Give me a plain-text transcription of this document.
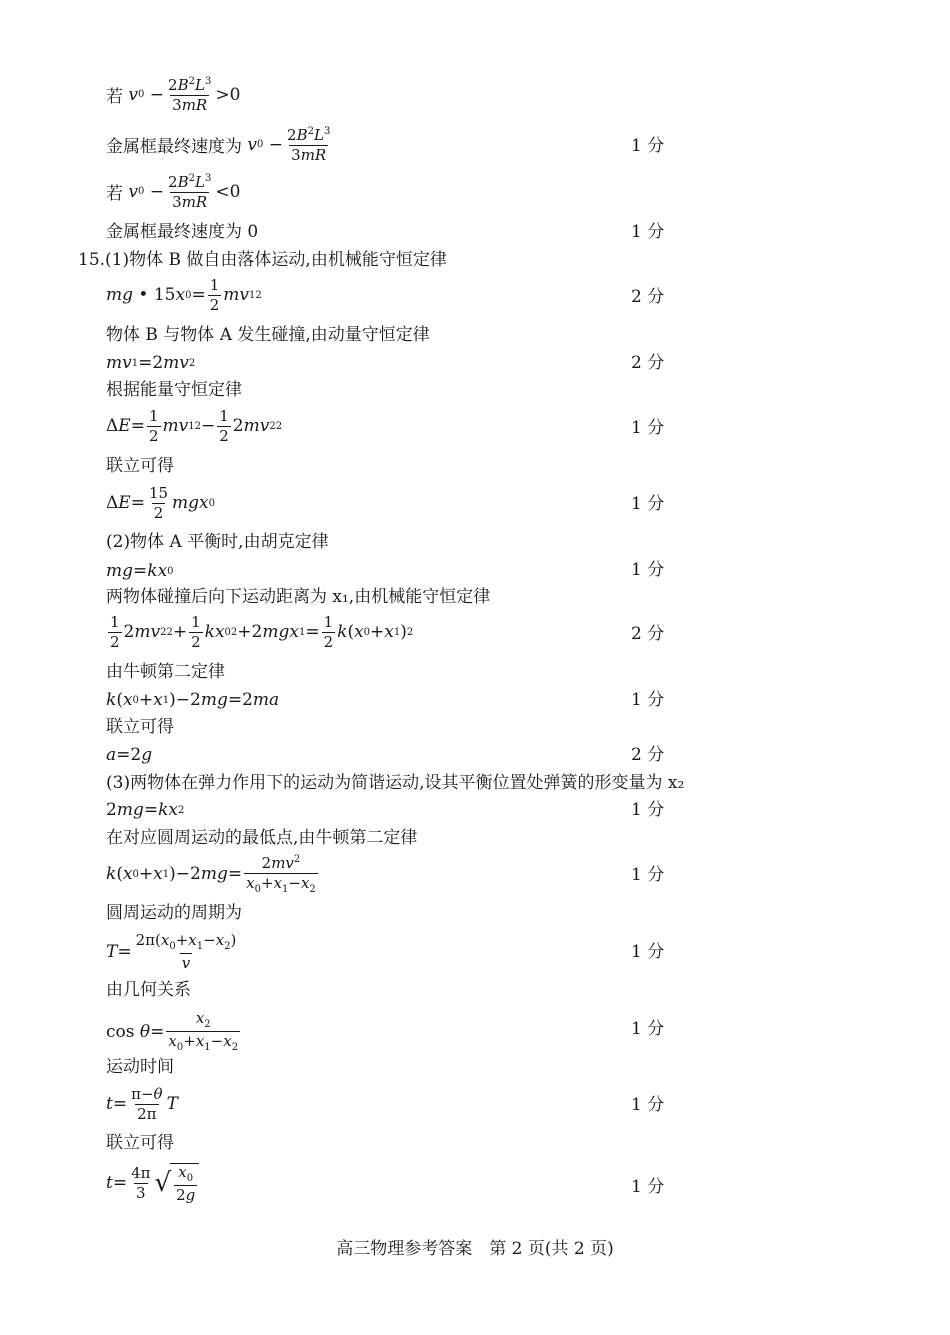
若
v $0 - \frac{2B^2L^3}{3mR} >0$
金属框最终速度为
v $0 - \frac{2B^2L^3}{3mR}$	1 分
若
v $0 - \frac{2B^2L^3}{3mR} <0$
金属框最终速度为 0	1 分
15.(1)物体 B 做自由落体运动,由机械能守恒定律
mg • 15 x $0 = \frac{1}{2}$ mv 1 2	2 分
物体 B 与物体 A 发生碰撞,由动量守恒定律
mv 1 =2 mv 2	2 分
根据能量守恒定律
Δ $E = \frac{1}{2}$ mv 1 $2 - \frac{1}{2} 2$ mv 2 2	1 分
联立可得
Δ $E = \frac{15}{2}$ mgx 0	1 分
(2)物体 A 平衡时,由胡克定律
mg = kx 0	1 分
两物体碰撞后向下运动距离为 x₁,由机械能守恒定律
$\frac{1}{2} 2$ mv 2 $2 + \frac{1}{2}$ kx 0 2 +2 mgx $1 = \frac{1}{2}$ k ( x 0 + x 1 ) 2	2 分
由牛顿第二定律
k ( x 0 + x 1 )−2 mg =2 ma	1 分
联立可得
a =2 g	2 分
(3)两物体在弹力作用下的运动为简谐运动,设其平衡位置处弹簧的形变量为 x₂
2 mg = kx 2	1 分
在对应圆周运动的最低点,由牛顿第二定律
k ( x 0 + x 1 )−2 mg = $\frac{2mv^2}{x_0+x_1-x_2}$	1 分
圆周运动的周期为
$T = \frac{2\pi(x_0+x_1-x_2)}{v}$	1 分
由几何关系
$\cos \theta = \frac{x_2}{x_0+x_1-x_2}$	1 分
运动时间
$t = \frac{\pi-\theta}{2\pi}$ T	1 分
联立可得
$t = \frac{4\pi}{3}$ √ $\frac{x_0}{2g}$	1 分
高三物理参考答案　第 2 页(共 2 页)
